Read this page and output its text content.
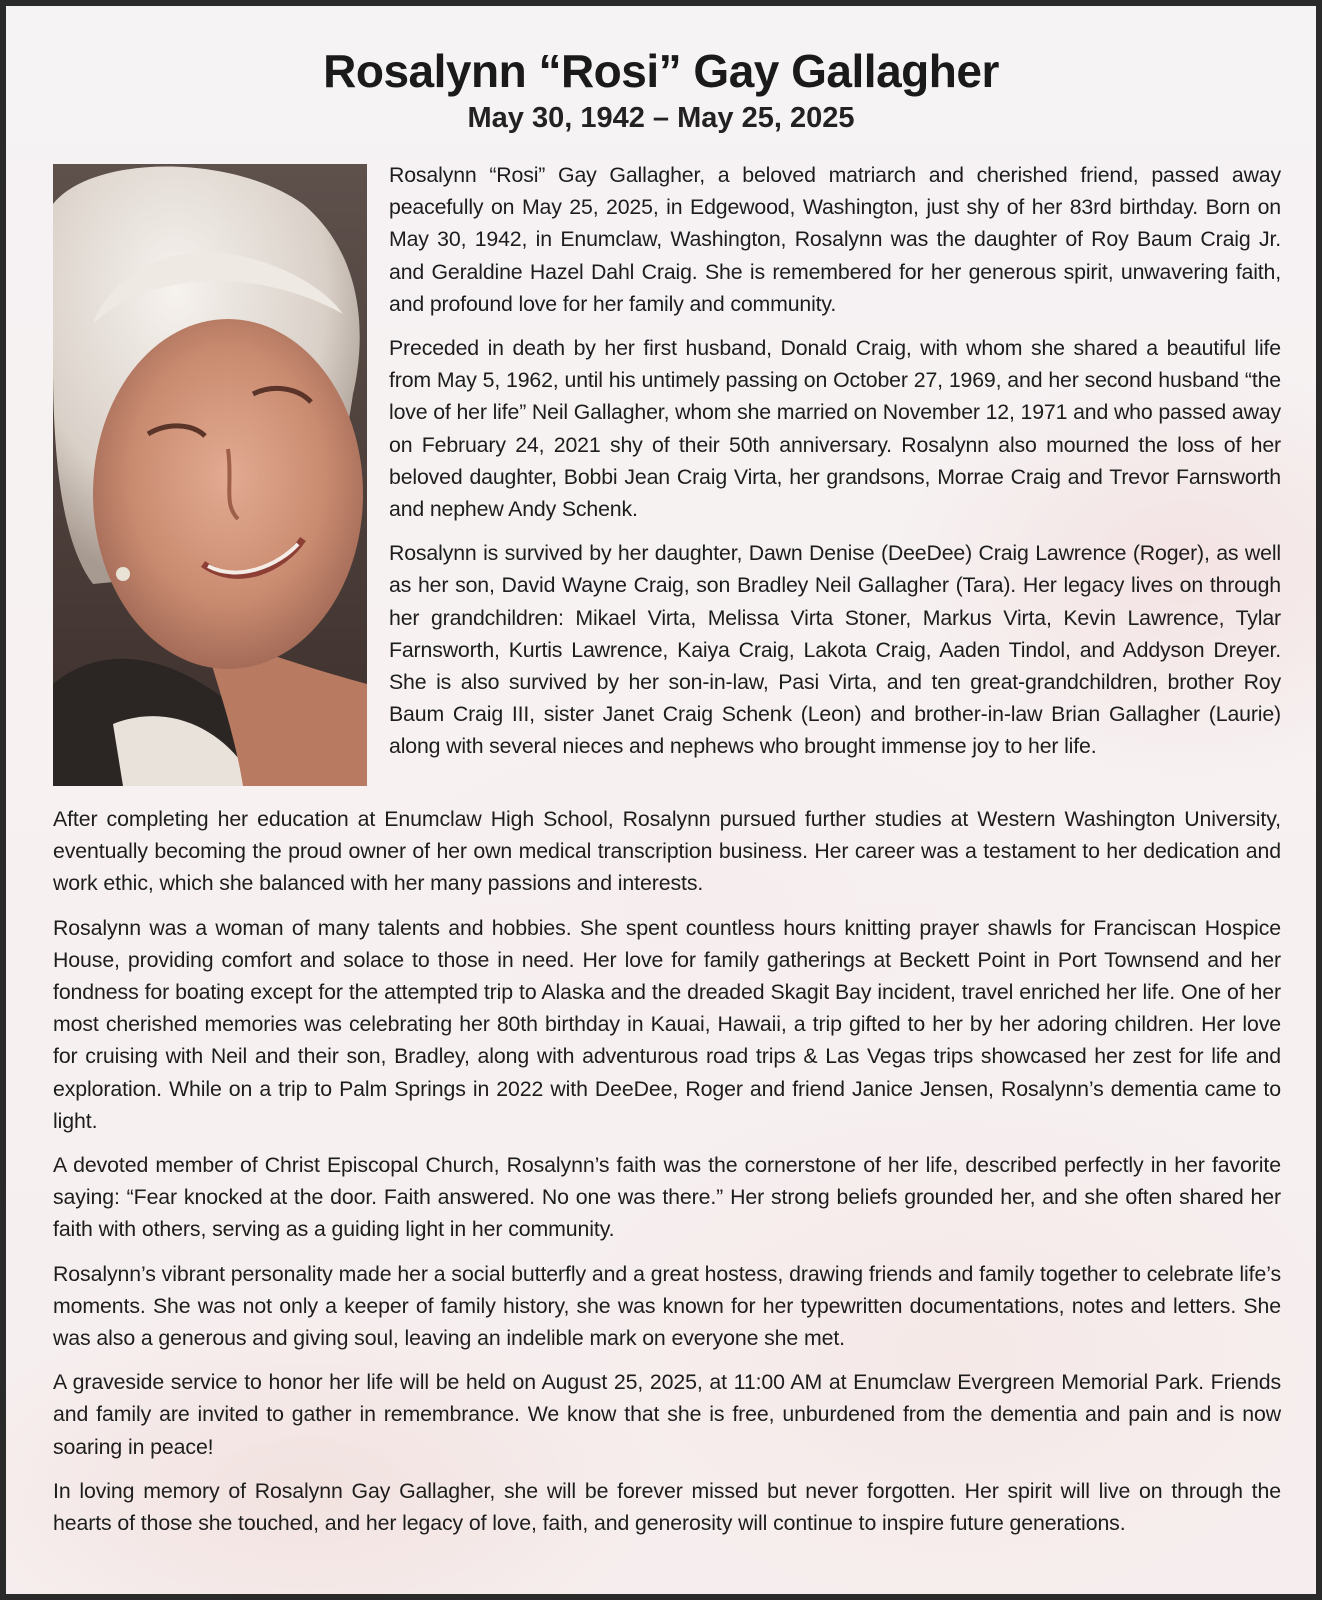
Rosalynn “Rosi” Gay Gallagher
May 30, 1942 – May 25, 2025

Rosalynn “Rosi” Gay Gallagher, a beloved matriarch and cherished friend, passed away peacefully on May 25, 2025, in Edgewood, Washington, just shy of her 83rd birthday. Born on May 30, 1942, in Enumclaw, Washington, Rosalynn was the daughter of Roy Baum Craig Jr. and Geraldine Hazel Dahl Craig. She is remembered for her generous spirit, unwavering faith, and profound love for her family and community.

Preceded in death by her first husband, Donald Craig, with whom she shared a beautiful life from May 5, 1962, until his untimely passing on October 27, 1969, and her second husband “the love of her life” Neil Gallagher, whom she married on November 12, 1971 and who passed away on February 24, 2021 shy of their 50th anniversary. Rosalynn also mourned the loss of her beloved daughter, Bobbi Jean Craig Virta, her grandsons, Morrae Craig and Trevor Farnsworth and nephew Andy Schenk.

Rosalynn is survived by her daughter, Dawn Denise (DeeDee) Craig Lawrence (Roger), as well as her son, David Wayne Craig, son Bradley Neil Gallagher (Tara). Her legacy lives on through her grandchildren: Mikael Virta, Melissa Virta Stoner, Markus Virta, Kevin Lawrence, Tylar Farnsworth, Kurtis Lawrence, Kaiya Craig, Lakota Craig, Aaden Tindol, and Addyson Dreyer. She is also survived by her son-in-law, Pasi Virta, and ten great-grandchildren, brother Roy Baum Craig III, sister Janet Craig Schenk (Leon) and brother-in-law Brian Gallagher (Laurie) along with several nieces and nephews who brought immense joy to her life.

After completing her education at Enumclaw High School, Rosalynn pursued further studies at Western Washington University, eventually becoming the proud owner of her own medical transcription business. Her career was a testament to her dedication and work ethic, which she balanced with her many passions and interests.

Rosalynn was a woman of many talents and hobbies. She spent countless hours knitting prayer shawls for Franciscan Hospice House, providing comfort and solace to those in need. Her love for family gatherings at Beckett Point in Port Townsend and her fondness for boating except for the attempted trip to Alaska and the dreaded Skagit Bay incident, travel enriched her life. One of her most cherished memories was celebrating her 80th birthday in Kauai, Hawaii, a trip gifted to her by her adoring children. Her love for cruising with Neil and their son, Bradley, along with adventurous road trips & Las Vegas trips showcased her zest for life and exploration. While on a trip to Palm Springs in 2022 with DeeDee, Roger and friend Janice Jensen, Rosalynn’s dementia came to light.

A devoted member of Christ Episcopal Church, Rosalynn’s faith was the cornerstone of her life, described perfectly in her favorite saying: “Fear knocked at the door. Faith answered. No one was there.” Her strong beliefs grounded her, and she often shared her faith with others, serving as a guiding light in her community.

Rosalynn’s vibrant personality made her a social butterfly and a great hostess, drawing friends and family together to celebrate life’s moments. She was not only a keeper of family history, she was known for her typewritten documentations, notes and letters. She was also a generous and giving soul, leaving an indelible mark on everyone she met.

A graveside service to honor her life will be held on August 25, 2025, at 11:00 AM at Enumclaw Evergreen Memorial Park. Friends and family are invited to gather in remembrance. We know that she is free, unburdened from the dementia and pain and is now soaring in peace!

In loving memory of Rosalynn Gay Gallagher, she will be forever missed but never forgotten. Her spirit will live on through the hearts of those she touched, and her legacy of love, faith, and generosity will continue to inspire future generations.
